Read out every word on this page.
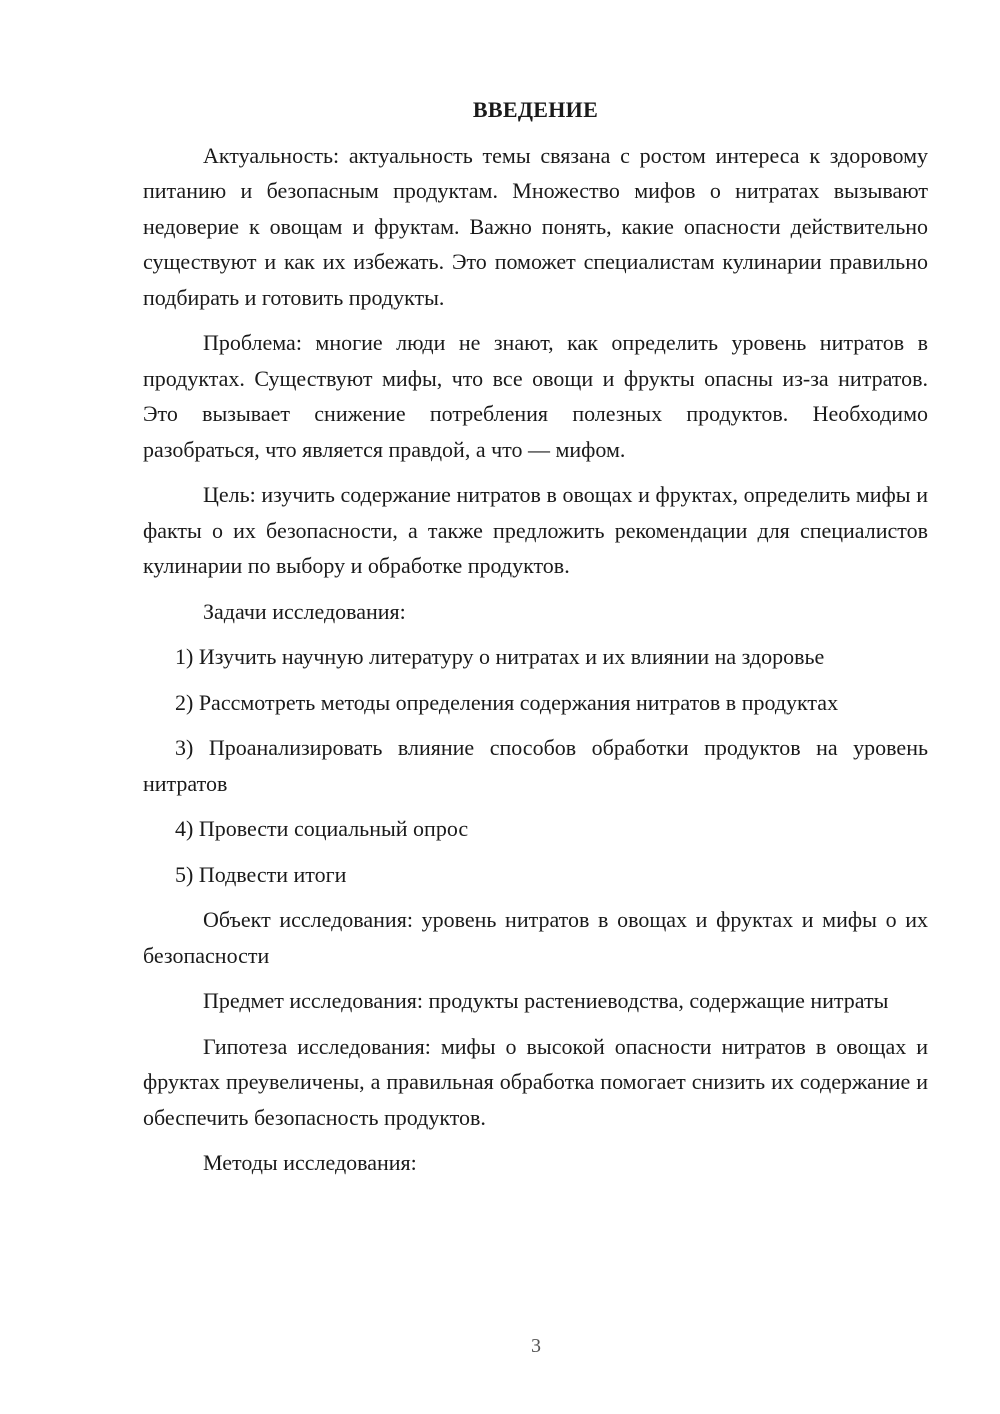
ВВЕДЕНИЕ

Актуальность: актуальность темы связана с ростом интереса к здоровому питанию и безопасным продуктам. Множество мифов о нитратах вызывают недоверие к овощам и фруктам. Важно понять, какие опасности действительно существуют и как их избежать. Это поможет специалистам кулинарии правильно подбирать и готовить продукты.

Проблема: многие люди не знают, как определить уровень нитратов в продуктах. Существуют мифы, что все овощи и фрукты опасны из-за нитратов. Это вызывает снижение потребления полезных продуктов. Необходимо разобраться, что является правдой, а что — мифом.

Цель: изучить содержание нитратов в овощах и фруктах, определить мифы и факты о их безопасности, а также предложить рекомендации для специалистов кулинарии по выбору и обработке продуктов.

Задачи исследования:

1) Изучить научную литературу о нитратах и их влиянии на здоровье

2) Рассмотреть методы определения содержания нитратов в продуктах

3) Проанализировать влияние способов обработки продуктов на уровень нитратов

4) Провести социальный опрос

5) Подвести итоги

Объект исследования: уровень нитратов в овощах и фруктах и мифы о их безопасности

Предмет исследования: продукты растениеводства, содержащие нитраты

Гипотеза исследования: мифы о высокой опасности нитратов в овощах и фруктах преувеличены, а правильная обработка помогает снизить их содержание и обеспечить безопасность продуктов.

Методы исследования:

3
